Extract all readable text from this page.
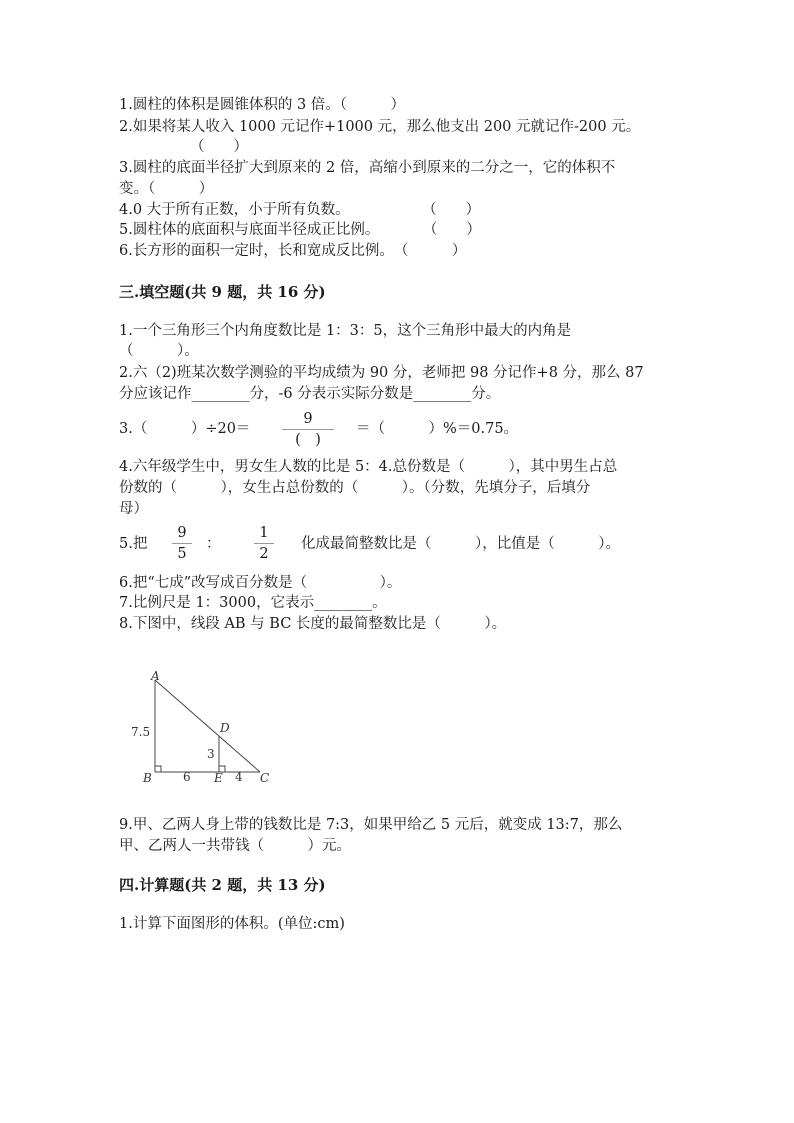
1.圆柱的体积是圆锥体积的 3 倍。（　　　）
2.如果将某人收入 1000 元记作+1000 元，那么他支出 200 元就记作-200 元。
（　　）
3.圆柱的底面半径扩大到原来的 2 倍，高缩小到原来的二分之一，它的体积不
变。（　　　）
4.0 大于所有正数，小于所有负数。　　　　　　（　　）
5.圆柱体的底面积与底面半径成正比例。　　　　（　　）
6.长方形的面积一定时，长和宽成反比例。　（　　　）
三.填空题(共 9 题，共 16 分)
1.一个三角形三个内角度数比是 1：3：5，这个三角形中最大的内角是
（　　　）。
2.六（2)班某次数学测验的平均成绩为 90 分，老师把 98 分记作+8 分，那么 87
分应该记作________分，-6 分表示实际分数是________分。
3.（　　　）÷20＝
9
(　)
＝（　　　）%＝0.75。
4.六年级学生中，男女生人数的比是 5：4.总份数是（　　　），其中男生占总
份数的（　　　），女生占总份数的（　　　）。（分数，先填分子，后填分
母）
5.把
9
5
：
1
2
化成最简整数比是（　　　），比值是（　　　）。
6.把“七成”改写成百分数是（　　　　　）。
7.比例尺是 1：3000，它表示________。
8.下图中，线段 AB 与 BC 长度的最简整数比是（　　　）。
A
B	C
D
E
7.5
6	4
3
9.甲、乙两人身上带的钱数比是 7:3，如果甲给乙 5 元后，就变成 13:7，那么
甲、乙两人一共带钱（　　　）元。
四.计算题(共 2 题，共 13 分)
1.计算下面图形的体积。(单位:cm)
